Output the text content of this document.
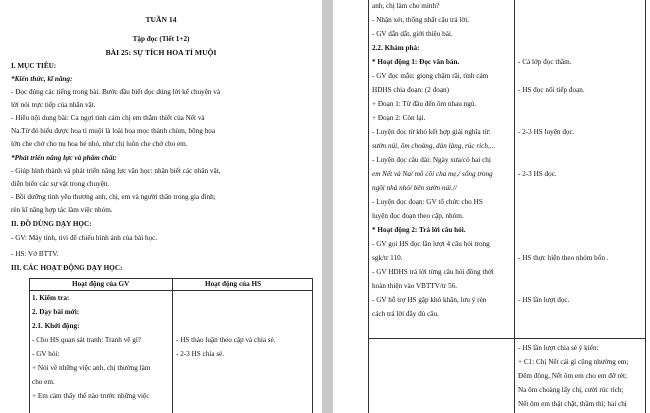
TUẦN 14
Tập đọc (Tiết 1+2)
BÀI 25: SỰ TÍCH HOA TỈ MUỘI
I. MỤC TIÊU:
*Kiến thức, kĩ năng:
- Đọc đúng các tiếng trong bài. Bước đầu biết đọc đúng lời kể chuyện và
lời nói trực tiếp của nhân vật.
- Hiểu nội dung bài: Ca ngợi tình cảm chị em thắm thiết của Nết và
Na.Từ đó hiểu được hoa tỉ muội là loài hoa mọc thành chùm, bông hoa
lớn che chở cho nụ hoa bé nhỏ, như chị luôn che chở cho em.
*Phát triển năng lực và phẩm chất:
- Giúp hình thành và phát triển năng lực văn học: nhận biết các nhân vật,
diễn biến các sự vật trong chuyện.
- Bồi dưỡng tình yêu thương anh, chị, em và người thân trong gia đình;
rèn kĩ năng hợp tác làm việc nhóm.
II. ĐỒ DÙNG DẠY HỌC:
- GV: Máy tính, tivi để chiếu hình ảnh của bài học.
- HS: Vở BTTV.
III. CÁC HOẠT ĐỘNG DẠY HỌC:
Hoạt động của GV	Hoạt động của HS
1. Kiểm tra:
2. Dạy bài mới:
2.1. Khởi động:
- Cho HS quan sát tranh: Tranh vẽ gì?
- GV hỏi:
+ Nói về những việc anh, chị thường làm
cho em.
+ Em cảm thấy thế nào trước những việc
- HS thảo luận theo cặp và chia sẻ.
- 2-3 HS chia sẻ.
anh, chị làm cho mình?
- Nhận xét, thống nhất câu trả lời.
- GV dẫn dắt, giới thiệu bài.
2.2. Khám phá:
* Hoạt động 1: Đọc văn bản.
- GV đọc mẫu: giọng chậm rãi, tình cảm
HDHS chia đoạn: (2 đoạn)
+ Đoạn 1: Từ đầu đến ôm nhau ngủ.
+ Đoạn 2: Còn lại.
- Luyện đọc từ khó kết hợp giải nghĩa từ:
sườn núi, ôm choàng, dàn làng, rúc rích,...
- Luyện đọc câu dài: Ngày xưa/có hai chị
em Nết và Na/ mồ côi cha mẹ,/ sống trong
ngôi nhà nhỏ/ bên sườn núi.//
- Luyện đọc đoạn: GV tổ chức cho HS
luyện đọc đoạn theo cặp, nhóm.
* Hoạt động 2: Trả lời câu hỏi.
- GV gọi HS đọc lần lượt 4 câu hỏi trong
sgk/tr 110.
- GV HDHS trả lời từng câu hỏi đồng thời
hoàn thiện vào VBTTV/tr 56.
- GV hỗ trợ HS gặp khó khăn, lưu ý rèn
cách trả lời đầy đủ câu.
- Cả lớp đọc thầm.
- HS đọc nối tiếp đoạn.
- 2-3 HS luyện đọc.
- 2-3 HS đọc.
- HS thực hiện theo nhóm bốn .
- HS lần lượt đọc.
- HS lần lượt chia sẻ ý kiến:
+ C1: Chị Nết cái gì cũng nhường em;
Đêm đông, Nết ôm em cho em đỡ rét;
Na ôm choàng lấy chị, cười rúc rích;
Nết ôm em thật chặt, thầm thì; hai chị
